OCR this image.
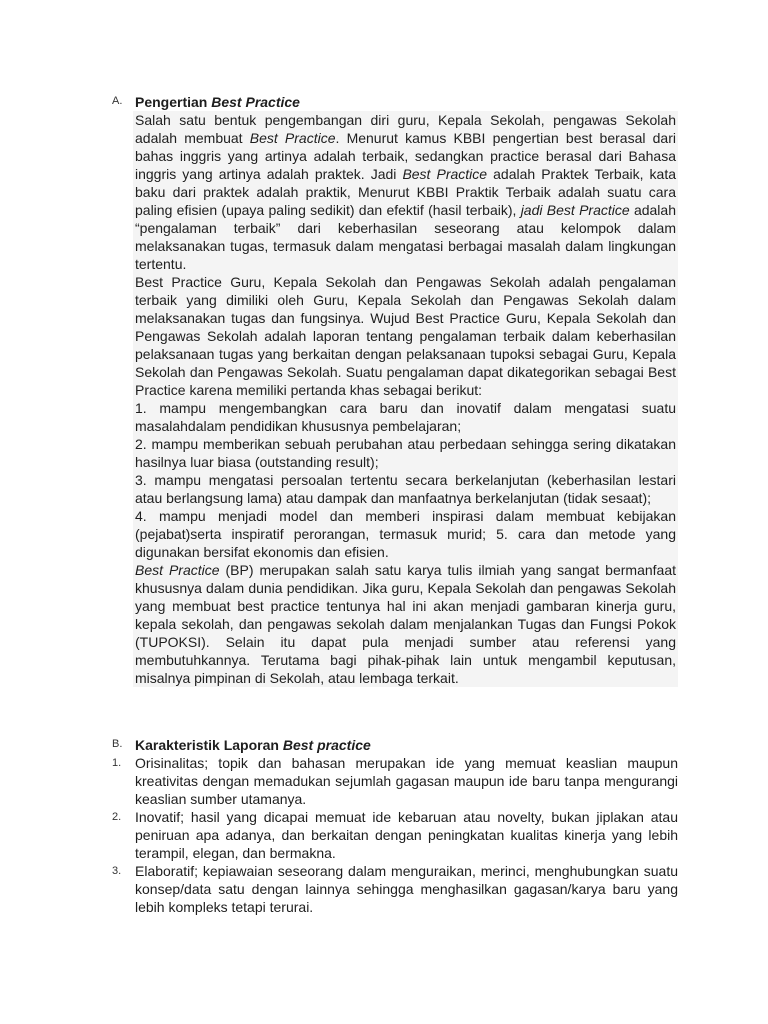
A. Pengertian Best Practice

Salah satu bentuk pengembangan diri guru, Kepala Sekolah, pengawas Sekolah adalah membuat Best Practice. Menurut kamus KBBI pengertian best berasal dari bahas inggris yang artinya adalah terbaik, sedangkan practice berasal dari Bahasa inggris yang artinya adalah praktek. Jadi Best Practice adalah Praktek Terbaik, kata baku dari praktek adalah praktik, Menurut KBBI Praktik Terbaik adalah suatu cara paling efisien (upaya paling sedikit) dan efektif (hasil terbaik), jadi Best Practice adalah “pengalaman terbaik” dari keberhasilan seseorang atau kelompok dalam melaksanakan tugas, termasuk dalam mengatasi berbagai masalah dalam lingkungan tertentu.

Best Practice Guru, Kepala Sekolah dan Pengawas Sekolah adalah pengalaman terbaik yang dimiliki oleh Guru, Kepala Sekolah dan Pengawas Sekolah dalam melaksanakan tugas dan fungsinya. Wujud Best Practice Guru, Kepala Sekolah dan Pengawas Sekolah adalah laporan tentang pengalaman terbaik dalam keberhasilan pelaksanaan tugas yang berkaitan dengan pelaksanaan tupoksi sebagai Guru, Kepala Sekolah dan Pengawas Sekolah. Suatu pengalaman dapat dikategorikan sebagai Best Practice karena memiliki pertanda khas sebagai berikut:

1. mampu mengembangkan cara baru dan inovatif dalam mengatasi suatu masalahdalam pendidikan khususnya pembelajaran;

2. mampu memberikan sebuah perubahan atau perbedaan sehingga sering dikatakan hasilnya luar biasa (outstanding result);

3. mampu mengatasi persoalan tertentu secara berkelanjutan (keberhasilan lestari atau berlangsung lama) atau dampak dan manfaatnya berkelanjutan (tidak sesaat);

4. mampu menjadi model dan memberi inspirasi dalam membuat kebijakan (pejabat)serta inspiratif perorangan, termasuk murid; 5. cara dan metode yang digunakan bersifat ekonomis dan efisien.

Best Practice (BP) merupakan salah satu karya tulis ilmiah yang sangat bermanfaat khususnya dalam dunia pendidikan. Jika guru, Kepala Sekolah dan pengawas Sekolah yang membuat best practice tentunya hal ini akan menjadi gambaran kinerja guru, kepala sekolah, dan pengawas sekolah dalam menjalankan Tugas dan Fungsi Pokok (TUPOKSI). Selain itu dapat pula menjadi sumber atau referensi yang membutuhkannya. Terutama bagi pihak-pihak lain untuk mengambil keputusan, misalnya pimpinan di Sekolah, atau lembaga terkait.

B. Karakteristik Laporan Best practice
1. Orisinalitas; topik dan bahasan merupakan ide yang memuat keaslian maupun kreativitas dengan memadukan sejumlah gagasan maupun ide baru tanpa mengurangi keaslian sumber utamanya.
2. Inovatif; hasil yang dicapai memuat ide kebaruan atau novelty, bukan jiplakan atau peniruan apa adanya, dan berkaitan dengan peningkatan kualitas kinerja yang lebih terampil, elegan, dan bermakna.
3. Elaboratif; kepiawaian seseorang dalam menguraikan, merinci, menghubungkan suatu konsep/data satu dengan lainnya sehingga menghasilkan gagasan/karya baru yang lebih kompleks tetapi terurai.
